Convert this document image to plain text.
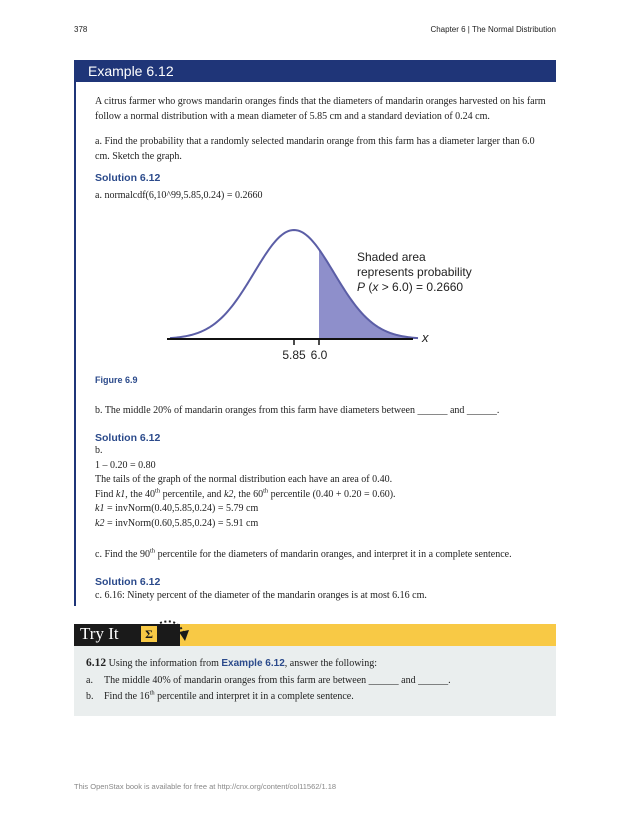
378	Chapter 6 | The Normal Distribution
Example 6.12
A citrus farmer who grows mandarin oranges finds that the diameters of mandarin oranges harvested on his farm follow a normal distribution with a mean diameter of 5.85 cm and a standard deviation of 0.24 cm.
a. Find the probability that a randomly selected mandarin orange from this farm has a diameter larger than 6.0 cm. Sketch the graph.
Solution 6.12
a. normalcdf(6,10^99,5.85,0.24) = 0.2660
5.85 6.0
x
Shaded area
represents probability
P (x > 6.0) = 0.2660
Figure 6.9
b. The middle 20% of mandarin oranges from this farm have diameters between ______ and ______.
Solution 6.12
b.
1 – 0.20 = 0.80
The tails of the graph of the normal distribution each have an area of 0.40.
Find k1, the 40th percentile, and k2, the 60th percentile (0.40 + 0.20 = 0.60).
k1 = invNorm(0.40,5.85,0.24) = 5.79 cm
k2 = invNorm(0.60,5.85,0.24) = 5.91 cm
c. Find the 90th percentile for the diameters of mandarin oranges, and interpret it in a complete sentence.
Solution 6.12
c. 6.16: Ninety percent of the diameter of the mandarin oranges is at most 6.16 cm.
Try It	Σ
6.12 Using the information from Example 6.12, answer the following:
a. The middle 40% of mandarin oranges from this farm are between ______ and ______.
b. Find the 16th percentile and interpret it in a complete sentence.
This OpenStax book is available for free at http://cnx.org/content/col11562/1.18
